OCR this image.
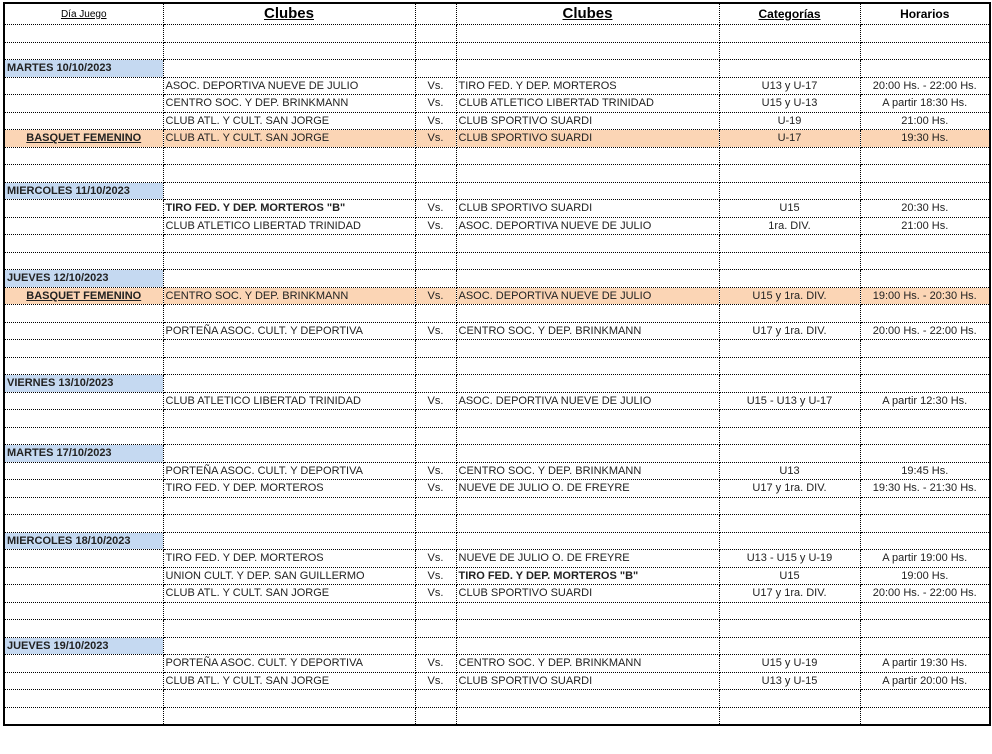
Día Juego	Clubes		Clubes	Categorías	Horarios

MARTES 10/10/2023					
	ASOC. DEPORTIVA NUEVE DE JULIO	Vs.	TIRO FED. Y DEP. MORTEROS	U13 y U-17	20:00 Hs. - 22:00 Hs.
	CENTRO SOC. Y DEP. BRINKMANN	Vs.	CLUB ATLETICO LIBERTAD TRINIDAD	U15 y U-13	A partir 18:30 Hs.
	CLUB ATL. Y CULT. SAN JORGE	Vs.	CLUB SPORTIVO SUARDI	U-19	21:00 Hs.
BASQUET FEMENINO	CLUB ATL. Y CULT. SAN JORGE	Vs.	CLUB SPORTIVO SUARDI	U-17	19:30 Hs.

MIERCOLES 11/10/2023					
	TIRO FED. Y DEP. MORTEROS "B"	Vs.	CLUB SPORTIVO SUARDI	U15	20:30 Hs.
	CLUB ATLETICO LIBERTAD TRINIDAD	Vs.	ASOC. DEPORTIVA NUEVE DE JULIO	1ra. DIV.	21:00 Hs.

JUEVES 12/10/2023					
BASQUET FEMENINO	CENTRO SOC. Y DEP. BRINKMANN	Vs.	ASOC. DEPORTIVA NUEVE DE JULIO	U15 y 1ra. DIV.	19:00 Hs. - 20:30 Hs.

	PORTEÑA ASOC. CULT. Y DEPORTIVA	Vs.	CENTRO SOC. Y DEP. BRINKMANN	U17 y 1ra. DIV.	20:00 Hs. - 22:00 Hs.

VIERNES 13/10/2023					
	CLUB ATLETICO LIBERTAD TRINIDAD	Vs.	ASOC. DEPORTIVA NUEVE DE JULIO	U15 - U13 y U-17	A partir 12:30 Hs.

MARTES 17/10/2023					
	PORTEÑA ASOC. CULT. Y DEPORTIVA	Vs.	CENTRO SOC. Y DEP. BRINKMANN	U13	19:45 Hs.
	TIRO FED. Y DEP. MORTEROS	Vs.	NUEVE DE JULIO O. DE FREYRE	U17 y 1ra. DIV.	19:30 Hs. - 21:30 Hs.

MIERCOLES 18/10/2023					
	TIRO FED. Y DEP. MORTEROS	Vs.	NUEVE DE JULIO O. DE FREYRE	U13 - U15 y U-19	A partir 19:00 Hs.
	UNION CULT. Y DEP. SAN GUILLERMO	Vs.	TIRO FED. Y DEP. MORTEROS "B"	U15	19:00 Hs.
	CLUB ATL. Y CULT. SAN JORGE	Vs.	CLUB SPORTIVO SUARDI	U17 y 1ra. DIV.	20:00 Hs. - 22:00 Hs.

JUEVES 19/10/2023					
	PORTEÑA ASOC. CULT. Y DEPORTIVA	Vs.	CENTRO SOC. Y DEP. BRINKMANN	U15 y U-19	A partir 19:30 Hs.
	CLUB ATL. Y CULT. SAN JORGE	Vs.	CLUB SPORTIVO SUARDI	U13 y U-15	A partir 20:00 Hs.
